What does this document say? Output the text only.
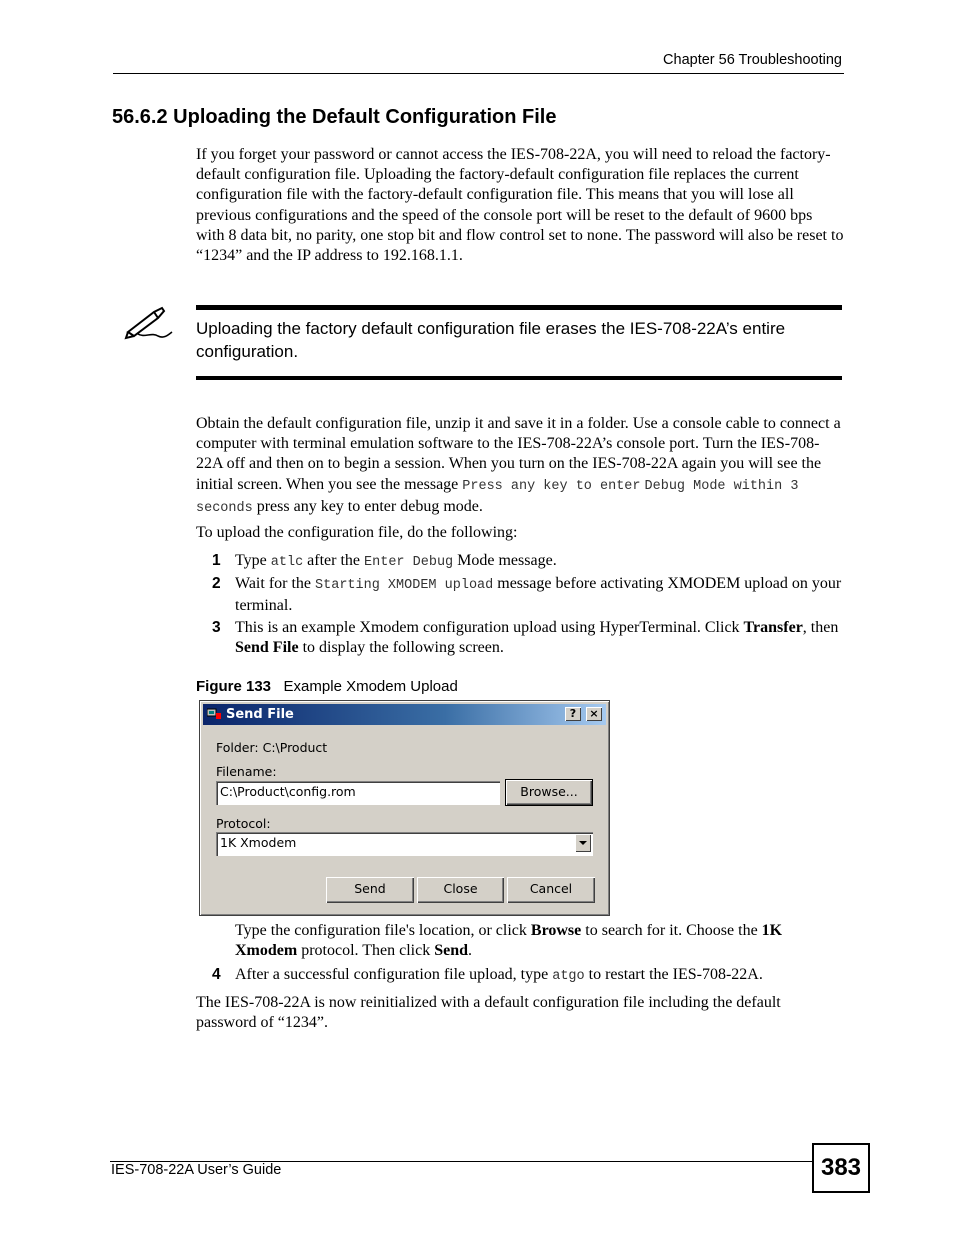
Chapter 56 Troubleshooting
56.6.2 Uploading the Default Configuration File
If you forget your password or cannot access the IES-708-22A, you will need to reload the factory-default configuration file. Uploading the factory-default configuration file replaces the current configuration file with the factory-default configuration file. This means that you will lose all previous configurations and the speed of the console port will be reset to the default of 9600 bps with 8 data bit, no parity, one stop bit and flow control set to none. The password will also be reset to “1234” and the IP address to 192.168.1.1.
Uploading the factory default configuration file erases the IES-708-22A’s entire configuration.
Obtain the default configuration file, unzip it and save it in a folder. Use a console cable to connect a computer with terminal emulation software to the IES-708-22A’s console port. Turn the IES-708-22A off and then on to begin a session. When you turn on the IES-708-22A again you will see the initial screen. When you see the message Press any key to enter Debug Mode within 3 seconds press any key to enter debug mode.
To upload the configuration file, do the following:
1 Type atlc after the Enter Debug Mode message.
2 Wait for the Starting XMODEM upload message before activating XMODEM upload on your terminal.
3 This is an example Xmodem configuration upload using HyperTerminal. Click Transfer, then Send File to display the following screen.
Figure 133 Example Xmodem Upload
Send File	?	×
Folder: C:\Product
Filename:
C:\Product\config.rom	Browse...
Protocol:
1K Xmodem
Send	Close	Cancel
Type the configuration file's location, or click Browse to search for it. Choose the 1K Xmodem protocol. Then click Send.
4 After a successful configuration file upload, type atgo to restart the IES-708-22A.
The IES-708-22A is now reinitialized with a default configuration file including the default password of “1234”.
IES-708-22A User’s Guide	383
